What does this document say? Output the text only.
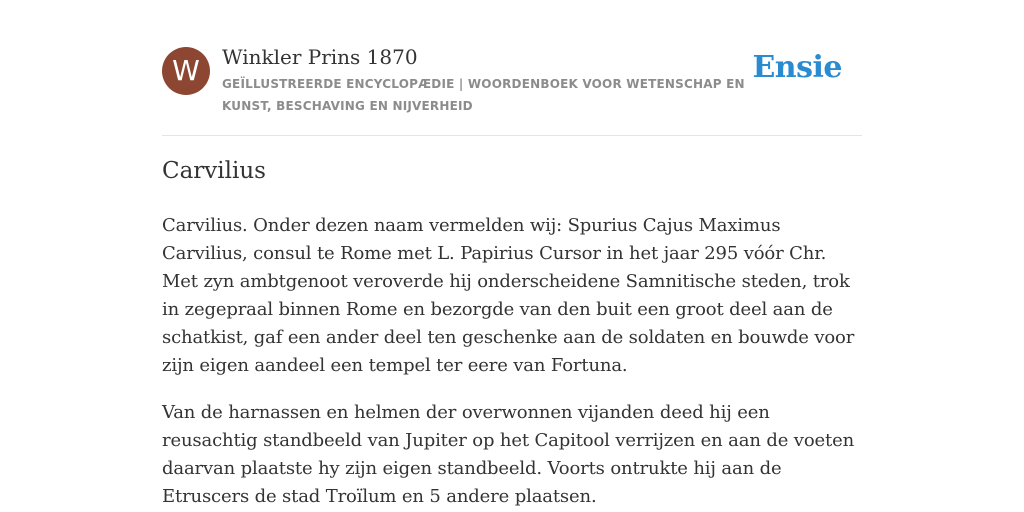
W	Winkler Prins 1870
GEÏLLUSTREERDE ENCYCLOPÆDIE | WOORDENBOEK VOOR WETENSCHAP EN KUNST, BESCHAVING EN NIJVERHEID
Ensie
Carvilius

Carvilius. Onder dezen naam vermelden wij: Spurius Cajus Maximus Carvilius, consul te Rome met L. Papirius Cursor in het jaar 295 vóór Chr. Met zyn ambtgenoot veroverde hij onderscheidene Samnitische steden, trok in zegepraal binnen Rome en bezorgde van den buit een groot deel aan de schatkist, gaf een ander deel ten geschenke aan de soldaten en bouwde voor zijn eigen aandeel een tempel ter eere van Fortuna.

Van de harnassen en helmen der overwonnen vijanden deed hij een reusachtig standbeeld van Jupiter op het Capitool verrijzen en aan de voeten daarvan plaatste hy zijn eigen standbeeld. Voorts ontrukte hij aan de Etruscers de stad Troïlum en 5 andere plaatsen.
